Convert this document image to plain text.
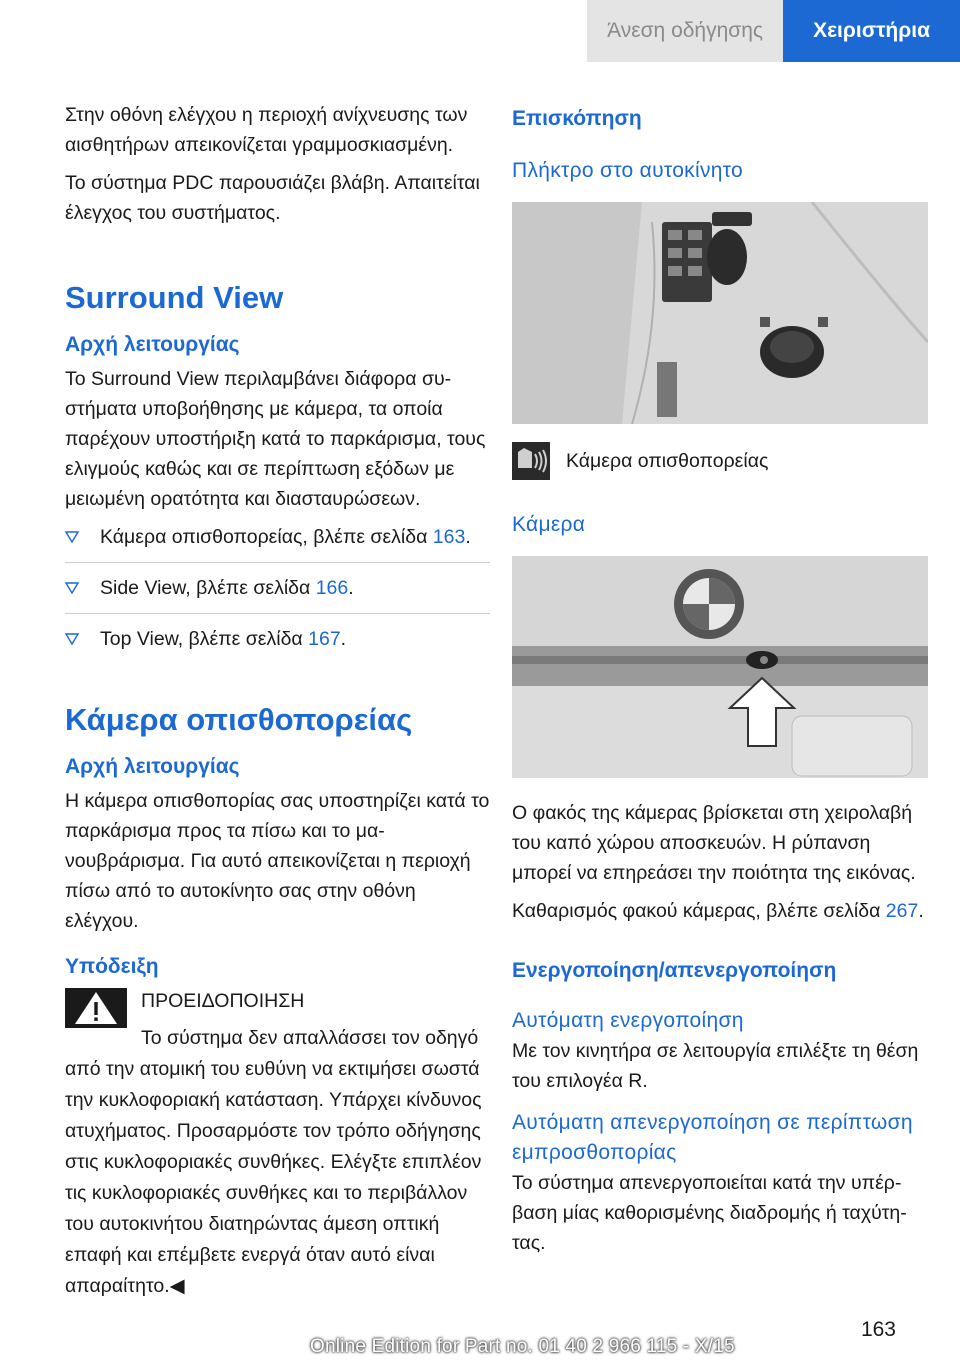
Άνεση οδήγησης	Χειριστήρια

Στην οθόνη ελέγχου η περιοχή ανίχνευσης των αισθητήρων απεικονίζεται γραμμοσκιασμένη.

Το σύστημα PDC παρουσιάζει βλάβη. Απαιτείται έλεγχος του συστήματος.

Surround View
Αρχή λειτουργίας

Το Surround View περιλαμβάνει διάφορα συστήματα υποβοήθησης με κάμερα, τα οποία παρέχουν υποστήριξη κατά το παρκάρισμα, τους ελιγμούς καθώς και σε περίπτωση εξόδων με μειωμένη ορατότητα και διασταυρώσεων.

Κάμερα οπισθοπορείας, βλέπε σελίδα 163.
Side View, βλέπε σελίδα 166.
Top View, βλέπε σελίδα 167.
Κάμερα οπισθοπορείας
Αρχή λειτουργίας

Η κάμερα οπισθοπορίας σας υποστηρίζει κατά το παρκάρισμα προς τα πίσω και το μανουβράρισμα. Για αυτό απεικονίζεται η περιοχή πίσω από το αυτοκίνητο σας στην οθόνη ελέγχου.

Υπόδειξη
ΠΡΟΕΙΔΟΠΟΙΗΣΗ
Το σύστημα δεν απαλλάσσει τον οδηγό

από την ατομική του ευθύνη να εκτιμήσει σωστά την κυκλοφοριακή κατάσταση. Υπάρχει κίνδυνος ατυχήματος. Προσαρμόστε τον τρόπο οδήγησης στις κυκλοφοριακές συνθήκες. Ελέγξτε επιπλέον τις κυκλοφοριακές συνθήκες και το περιβάλλον του αυτοκινήτου διατηρώντας άμεση οπτική επαφή και επέμβετε ενεργά όταν αυτό είναι απαραίτητο.◀

Επισκόπηση
Πλήκτρο στο αυτοκίνητο
Κάμερα οπισθοπορείας
Κάμερα

Ο φακός της κάμερας βρίσκεται στη χειρολαβή του καπό χώρου αποσκευών. Η ρύπανση μπορεί να επηρεάσει την ποιότητα της εικόνας.

Καθαρισμός φακού κάμερας, βλέπε σελίδα 267.

Ενεργοποίηση/απενεργοποίηση
Αυτόματη ενεργοποίηση

Με τον κινητήρα σε λειτουργία επιλέξτε τη θέση του επιλογέα R.

Αυτόματη απενεργοποίηση σε περίπτωση εμπροσθοπορίας

Το σύστημα απενεργοποιείται κατά την υπέρβαση μίας καθορισμένης διαδρομής ή ταχύτητας.

163
Online Edition for Part no. 01 40 2 966 115 - X/15
